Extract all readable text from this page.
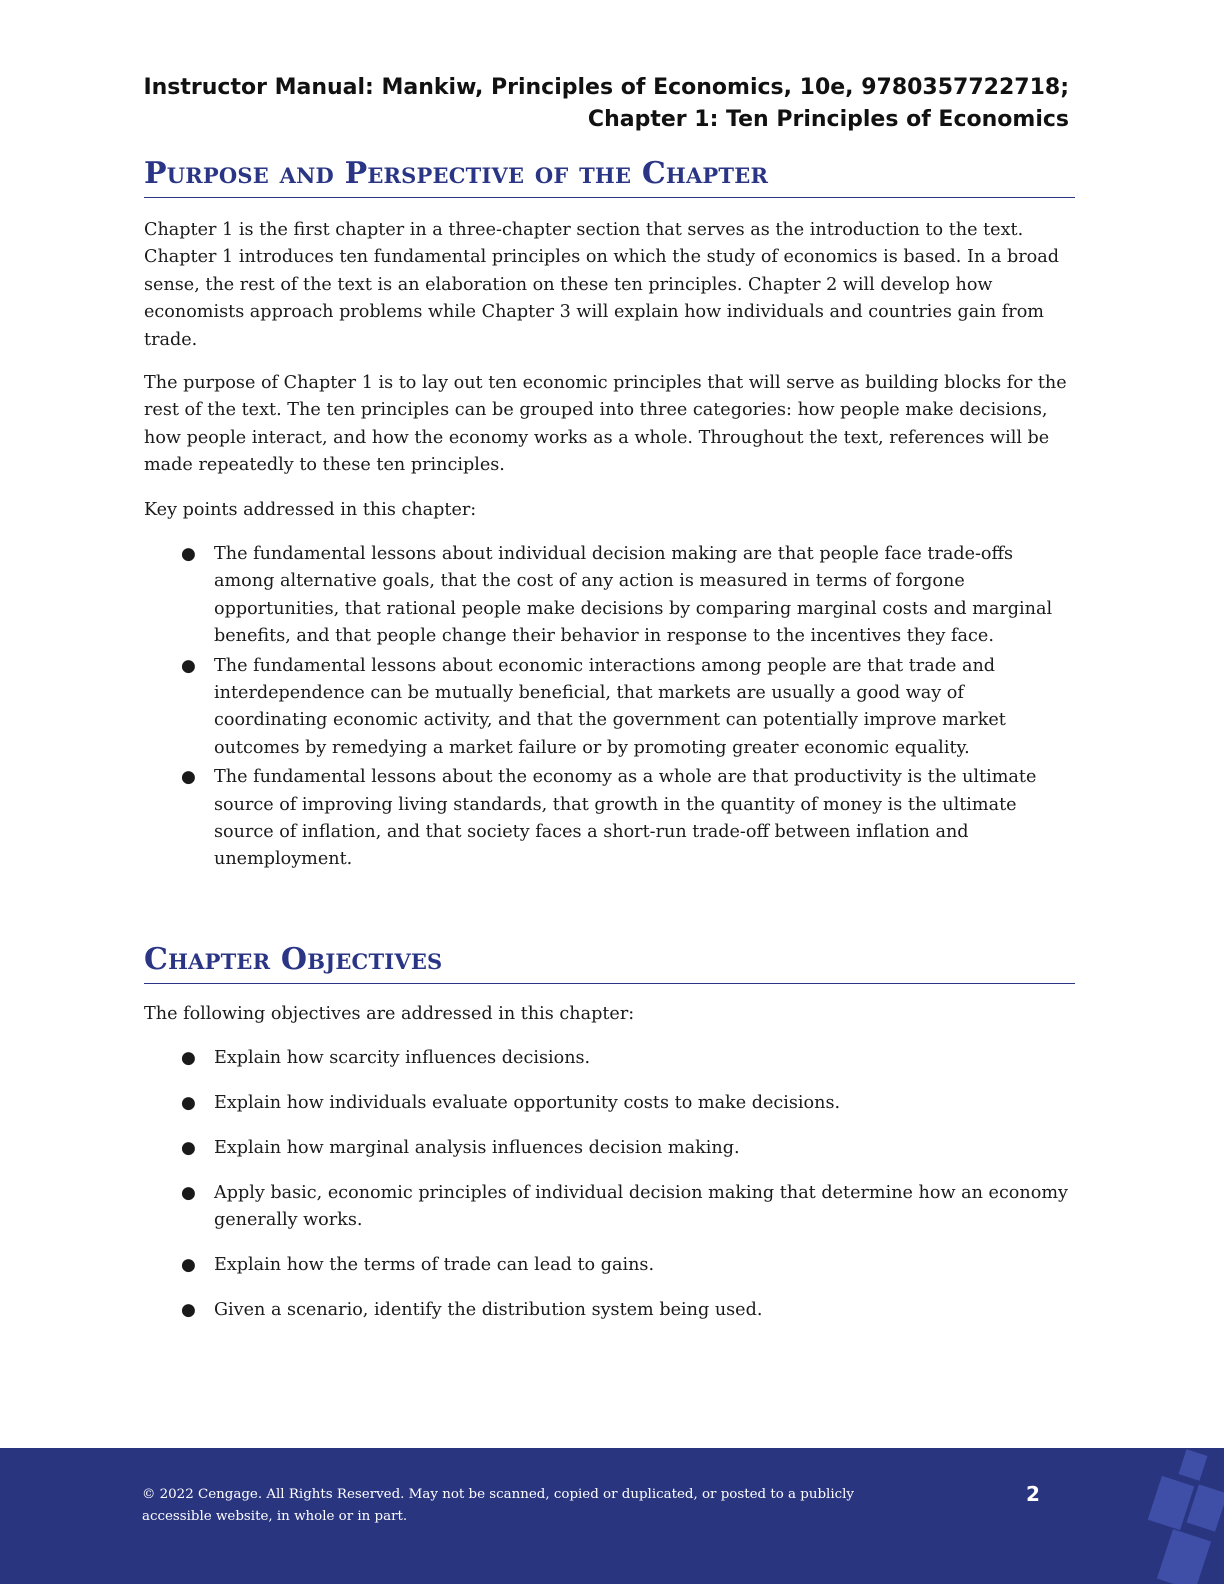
Instructor Manual: Mankiw, Principles of Economics, 10e, 9780357722718;
Chapter 1: Ten Principles of Economics
Purpose and Perspective of the Chapter

Chapter 1 is the first chapter in a three-chapter section that serves as the introduction to the text. Chapter 1 introduces ten fundamental principles on which the study of economics is based. In a broad sense, the rest of the text is an elaboration on these ten principles. Chapter 2 will develop how economists approach problems while Chapter 3 will explain how individuals and countries gain from trade.

The purpose of Chapter 1 is to lay out ten economic principles that will serve as building blocks for the rest of the text. The ten principles can be grouped into three categories: how people make decisions, how people interact, and how the economy works as a whole. Throughout the text, references will be made repeatedly to these ten principles.

Key points addressed in this chapter:

● The fundamental lessons about individual decision making are that people face trade-offs among alternative goals, that the cost of any action is measured in terms of forgone opportunities, that rational people make decisions by comparing marginal costs and marginal benefits, and that people change their behavior in response to the incentives they face.
● The fundamental lessons about economic interactions among people are that trade and interdependence can be mutually beneficial, that markets are usually a good way of coordinating economic activity, and that the government can potentially improve market outcomes by remedying a market failure or by promoting greater economic equality.
● The fundamental lessons about the economy as a whole are that productivity is the ultimate source of improving living standards, that growth in the quantity of money is the ultimate source of inflation, and that society faces a short-run trade-off between inflation and unemployment.
Chapter Objectives

The following objectives are addressed in this chapter:

● Explain how scarcity influences decisions.
● Explain how individuals evaluate opportunity costs to make decisions.
● Explain how marginal analysis influences decision making.
● Apply basic, economic principles of individual decision making that determine how an economy generally works.
● Explain how the terms of trade can lead to gains.
● Given a scenario, identify the distribution system being used.
© 2022 Cengage. All Rights Reserved. May not be scanned, copied or duplicated, or posted to a publicly
accessible website, in whole or in part.
2
